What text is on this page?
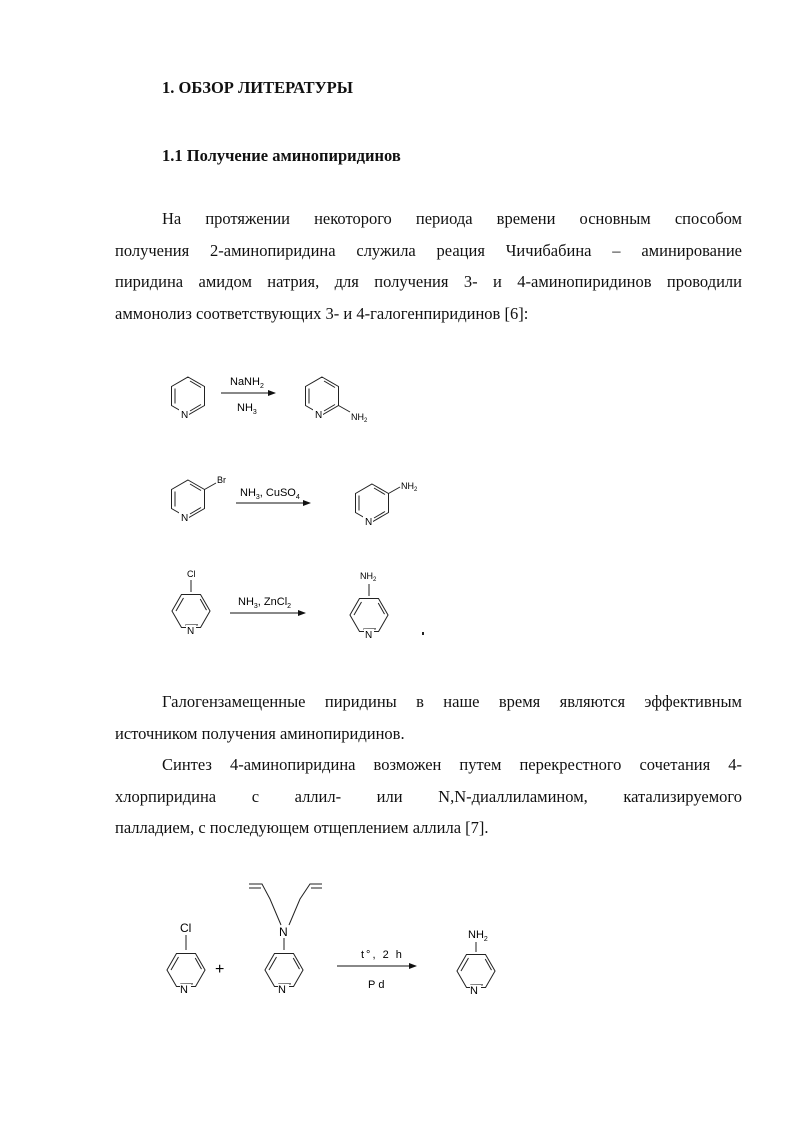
1. ОБЗОР ЛИТЕРАТУРЫ
1.1 Получение аминопиридинов
На протяжении некоторого периода времени основным способом
получения 2-аминопиридина служила реация Чичибабина – аминирование
пиридина амидом натрия, для получения 3- и 4-аминопиридинов проводили
аммонолиз соответствующих 3- и 4-галогенпиридинов [6]:
Галогензамещенные пиридины в наше время являются эффективным
источником получения аминопиридинов.
Синтез 4-аминопиридина возможен путем перекрестного сочетания 4-
хлорпиридина с аллил- или N,N-диаллиламином, катализируемого
палладием, с последующем отщеплением аллила [7].
N
NaNH$_2$
$NH_3$	N	$NH_2$
N
Br
$NH_3$, CuSO$_4$
N
$NH_2$
Cl
N
$NH_3$, ZnCl$_2$
$NH_2$
N
Cl
N
+
N
N
t°, 2 h
Pd
$NH_2$
N
